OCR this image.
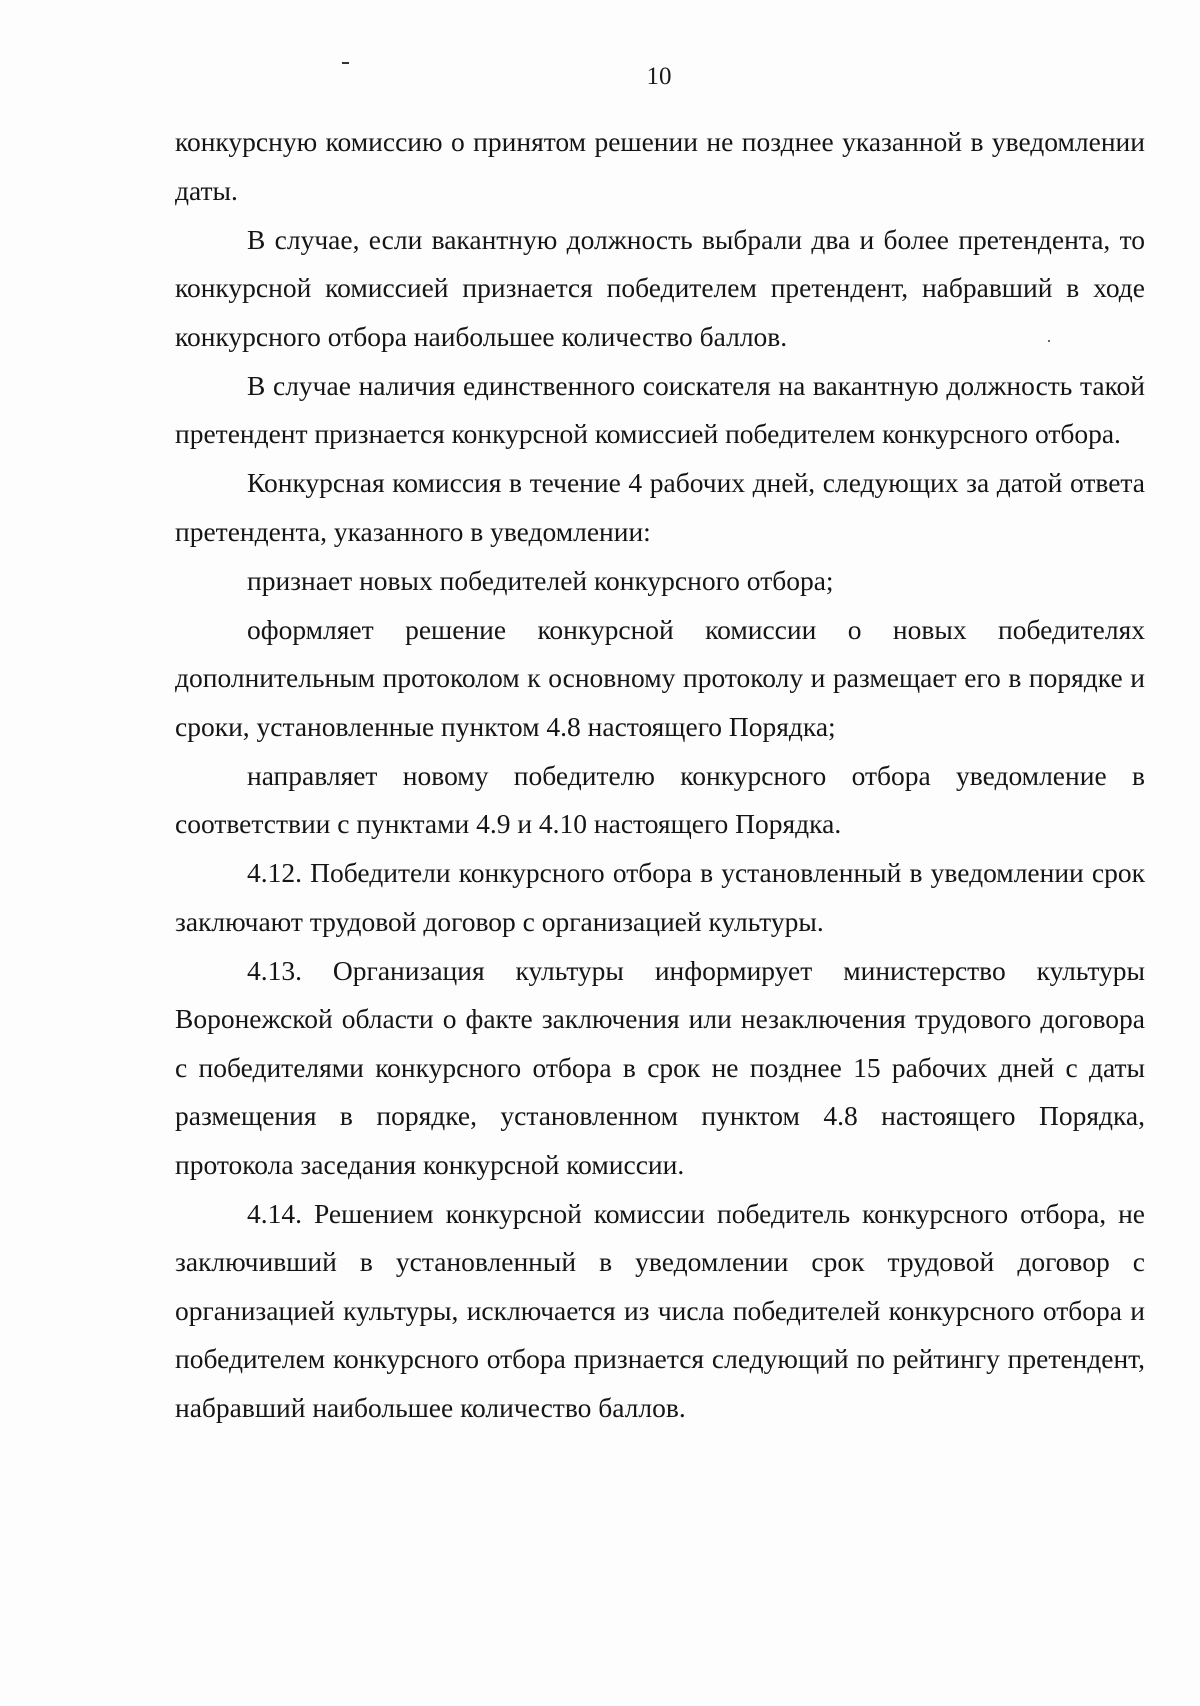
10

конкурсную комиссию о принятом решении не позднее указанной в уведомлении даты.

В случае, если вакантную должность выбрали два и более претендента, то конкурсной комиссией признается победителем претендент, набравший в ходе конкурсного отбора наибольшее количество баллов.

В случае наличия единственного соискателя на вакантную должность такой претендент признается конкурсной комиссией победителем конкурсного отбора.

Конкурсная комиссия в течение 4 рабочих дней, следующих за датой ответа претендента, указанного в уведомлении:

признает новых победителей конкурсного отбора;

оформляет решение конкурсной комиссии о новых победителях дополнительным протоколом к основному протоколу и размещает его в порядке и сроки, установленные пунктом 4.8 настоящего Порядка;

направляет новому победителю конкурсного отбора уведомление в соответствии с пунктами 4.9 и 4.10 настоящего Порядка.

4.12. Победители конкурсного отбора в установленный в уведомлении срок заключают трудовой договор с организацией культуры.

4.13. Организация культуры информирует министерство культуры Воронежской области о факте заключения или незаключения трудового договора с победителями конкурсного отбора в срок не позднее 15 рабочих дней с даты размещения в порядке, установленном пунктом 4.8 настоящего Порядка, протокола заседания конкурсной комиссии.

4.14. Решением конкурсной комиссии победитель конкурсного отбора, не заключивший в установленный в уведомлении срок трудовой договор с организацией культуры, исключается из числа победителей конкурсного отбора и победителем конкурсного отбора признается следующий по рейтингу претендент, набравший наибольшее количество баллов.
